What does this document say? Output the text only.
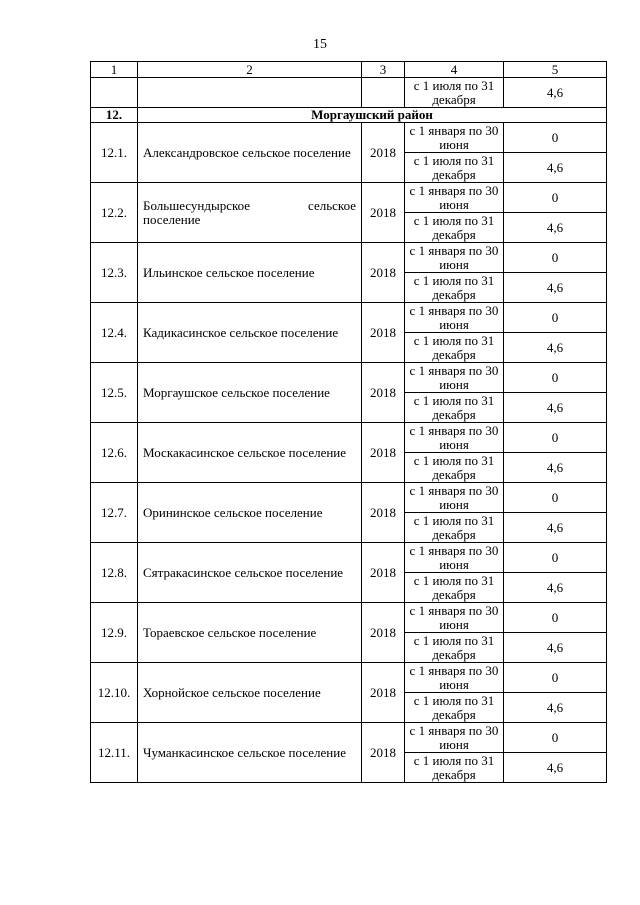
15
1	2	3	4	5

			с 1 июля по 31 декабря	4,6
12.	Моргаушский район			
12.1.	Александровское сельское поселение	2018	с 1 января по 30 июня	0

			с 1 июля по 31 декабря	4,6
12.2.	Большесундырское сельское поселение	2018	с 1 января по 30 июня	0

			с 1 июля по 31 декабря	4,6
12.3.	Ильинское сельское поселение	2018	с 1 января по 30 июня	0

			с 1 июля по 31 декабря	4,6
12.4.	Кадикасинское сельское поселение	2018	с 1 января по 30 июня	0

			с 1 июля по 31 декабря	4,6
12.5.	Моргаушское сельское поселение	2018	с 1 января по 30 июня	0

			с 1 июля по 31 декабря	4,6
12.6.	Москакасинское сельское поселение	2018	с 1 января по 30 июня	0

			с 1 июля по 31 декабря	4,6
12.7.	Орининское сельское поселение	2018	с 1 января по 30 июня	0

			с 1 июля по 31 декабря	4,6
12.8.	Сятракасинское сельское поселение	2018	с 1 января по 30 июня	0

			с 1 июля по 31 декабря	4,6
12.9.	Тораевское сельское поселение	2018	с 1 января по 30 июня	0

			с 1 июля по 31 декабря	4,6
12.10.	Хорнойское сельское поселение	2018	с 1 января по 30 июня	0

			с 1 июля по 31 декабря	4,6
12.11.	Чуманкасинское сельское поселение	2018	с 1 января по 30 июня	0

			с 1 июля по 31 декабря	4,6
